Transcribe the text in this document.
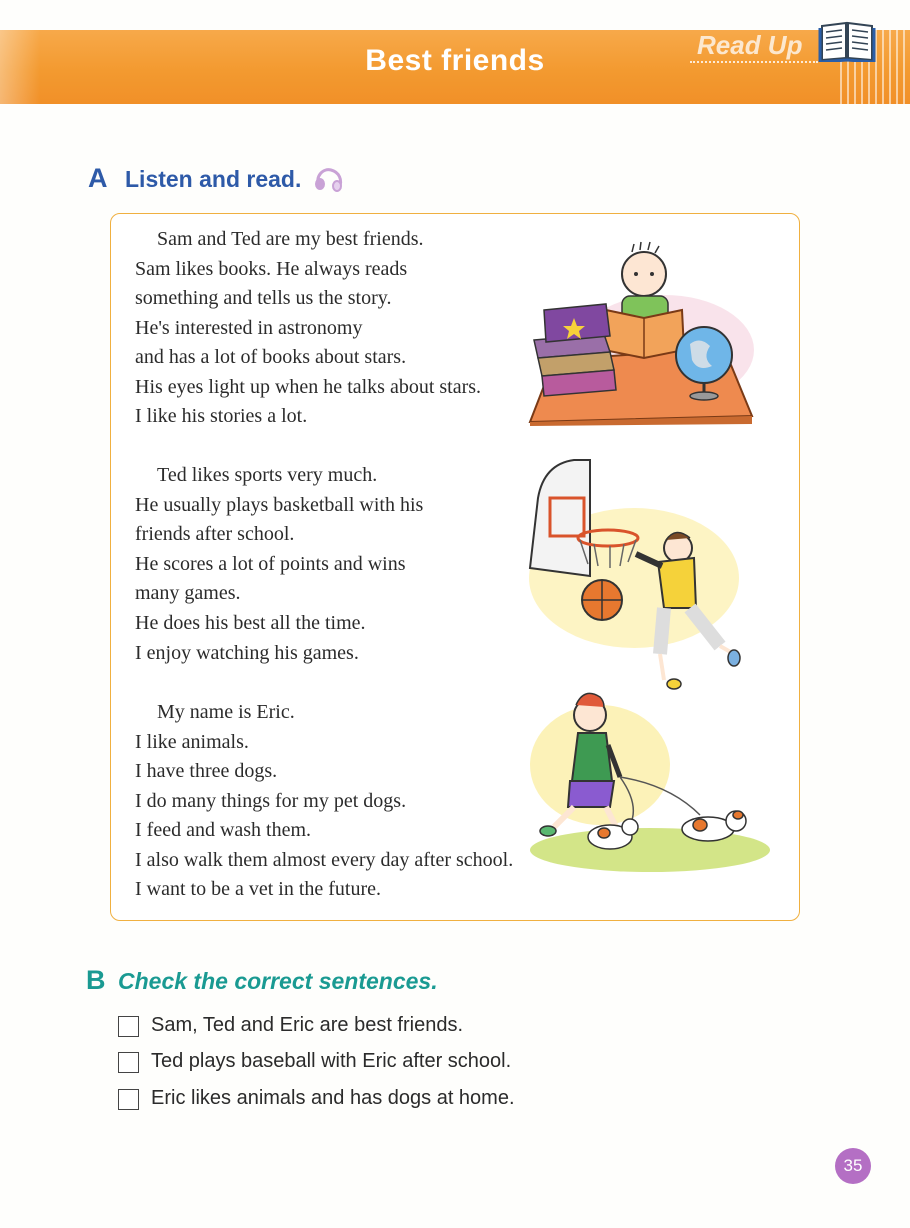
Best friends	Read Up
A Listen and read.
Sam and Ted are my best friends.
Sam likes books. He always reads
something and tells us the story.
He's interested in astronomy
and has a lot of books about stars.
His eyes light up when he talks about stars.
I like his stories a lot.
Ted likes sports very much.
He usually plays basketball with his
friends after school.
He scores a lot of points and wins
many games.
He does his best all the time.
I enjoy watching his games.
My name is Eric.
I like animals.
I have three dogs.
I do many things for my pet dogs.
I feed and wash them.
I also walk them almost every day after school.
I want to be a vet in the future.
B Check the correct sentences.
Sam, Ted and Eric are best friends.
Ted plays baseball with Eric after school.
Eric likes animals and has dogs at home.
35
